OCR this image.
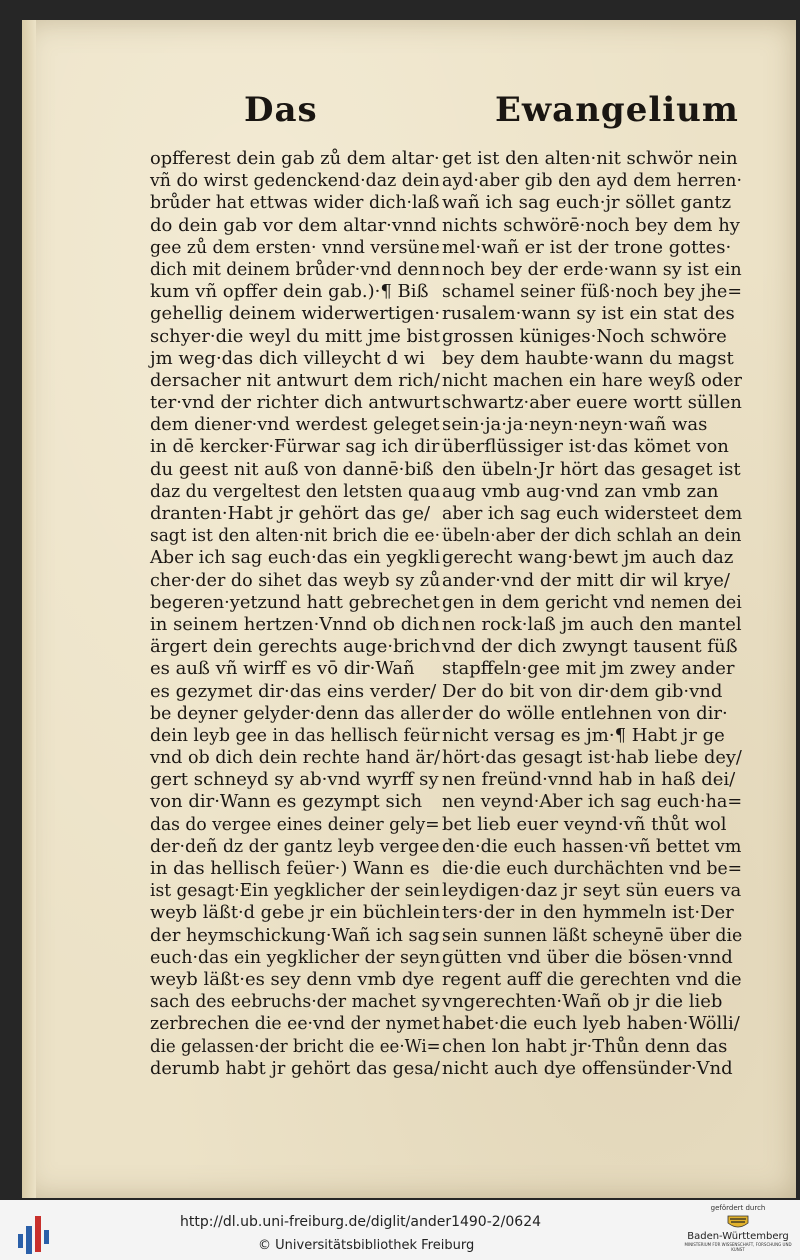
Das	Ewangelium
opfferest dein gab zů dem altar·
vñ do wirst gedenckend·daz dein
brůder hat ettwas wider dich·laß
do dein gab vor dem altar·vnnd
gee zů dem ersten· vnnd versüne
dich mit deinem brůder·vnd denn
kum vñ opffer dein gab.)·¶ Biß
gehellig deinem widerwertigen·
schyer·die weyl du mitt jme bist
jm weg·das dich villeycht d wi
dersacher nit antwurt dem rich/
ter·vnd der richter dich antwurt
dem diener·vnd werdest geleget
in dē kercker·Fürwar sag ich dir
du geest nit auß von dannē·biß
daz du vergeltest den letsten qua
dranten·Habt jr gehört das ge/
sagt ist den alten·nit brich die ee·
Aber ich sag euch·das ein yegkli
cher·der do sihet das weyb sy zů
begeren·yetzund hatt gebrechet
in seinem hertzen·Vnnd ob dich
ärgert dein gerechts auge·brich
es auß vñ wirff es vō dir·Wañ
es gezymet dir·das eins verder/
be deyner gelyder·denn das aller
dein leyb gee in das hellisch feür
vnd ob dich dein rechte hand är/
gert schneyd sy ab·vnd wyrff sy
von dir·Wann es gezympt sich
das do vergee eines deiner gely=
der·deñ dz der gantz leyb vergee
in das hellisch feüer·) Wann es
ist gesagt·Ein yegklicher der sein
weyb läßt·d gebe jr ein büchlein
der heymschickung·Wañ ich sag
euch·das ein yegklicher der seyn
weyb läßt·es sey denn vmb dye
sach des eebruchs·der machet sy
zerbrechen die ee·vnd der nymet
die gelassen·der bricht die ee·Wi=
derumb habt jr gehört das gesa/
get ist den alten·nit schwör nein
ayd·aber gib den ayd dem herren·
wañ ich sag euch·jr söllet gantz
nichts schwörē·noch bey dem hy
mel·wañ er ist der trone gottes·
noch bey der erde·wann sy ist ein
schamel seiner füß·noch bey jhe=
rusalem·wann sy ist ein stat des
grossen küniges·Noch schwöre
bey dem haubte·wann du magst
nicht machen ein hare weyß oder
schwartz·aber euere wortt süllen
sein·ja·ja·neyn·neyn·wañ was
überflüssiger ist·das kömet von
den übeln·Jr hört das gesaget ist
aug vmb aug·vnd zan vmb zan
aber ich sag euch widersteet dem
übeln·aber der dich schlah an dein
gerecht wang·bewt jm auch daz
ander·vnd der mitt dir wil krye/
gen in dem gericht vnd nemen dei
nen rock·laß jm auch den mantel
vnd der dich zwyngt tausent füß
stapffeln·gee mit jm zwey ander
Der do bit von dir·dem gib·vnd
der do wölle entlehnen von dir·
nicht versag es jm·¶ Habt jr ge
hört·das gesagt ist·hab liebe dey/
nen freünd·vnnd hab in haß dei/
nen veynd·Aber ich sag euch·ha=
bet lieb euer veynd·vñ thůt wol
den·die euch hassen·vñ bettet vm
die·die euch durchächten vnd be=
leydigen·daz jr seyt sün euers va
ters·der in den hymmeln ist·Der
sein sunnen läßt scheynē über die
gütten vnd über die bösen·vnnd
regent auff die gerechten vnd die
vngerechten·Wañ ob jr die lieb
habet·die euch lyeb haben·Wölli/
chen lon habt jr·Thůn denn das
nicht auch dye offensünder·Vnd
http://dl.ub.uni-freiburg.de/diglit/ander1490-2/0624
© Universitätsbibliothek Freiburg
gefördert durch
Baden-Württemberg
MINISTERIUM FÜR WISSENSCHAFT, FORSCHUNG UND KUNST
